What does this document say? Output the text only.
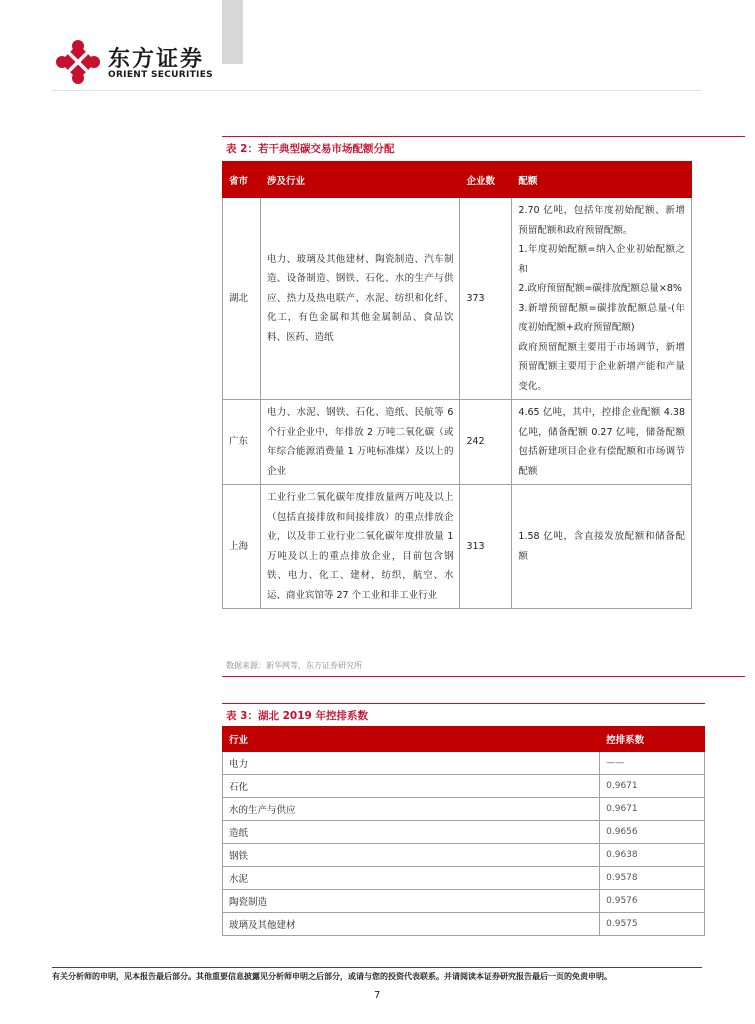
东方证券
ORIENT SECURITIES
表 2：若干典型碳交易市场配额分配
省市	涉及行业	企业数	配额
湖北	电力、玻璃及其他建材、陶瓷制造、汽车制造、设备制造、钢铁、石化、水的生产与供应、热力及热电联产、水泥、纺织和化纤、化工，有色金属和其他金属制品、食品饮料、医药、造纸	373	2.70 亿吨，包括年度初始配额、新增预留配额和政府预留配额。
1.年度初始配额=纳入企业初始配额之和
2.政府预留配额=碳排放配额总量×8%
3.新增预留配额=碳排放配额总量-(年度初始配额+政府预留配额)
政府预留配额主要用于市场调节，新增预留配额主要用于企业新增产能和产量变化。

广东	电力、水泥、钢铁、石化、造纸、民航等 6 个行业企业中，年排放 2 万吨二氧化碳（或年综合能源消费量 1 万吨标准煤）及以上的企业	242	4.65 亿吨，其中，控排企业配额 4.38 亿吨，储备配额 0.27 亿吨，储备配额包括新建项目企业有偿配额和市场调节配额

上海	工业行业二氧化碳年度排放量两万吨及以上（包括直接排放和间接排放）的重点排放企业，以及非工业行业二氧化碳年度排放量 1 万吨及以上的重点排放企业，目前包含钢铁、电力、化工、建材，纺织，航空、水运、商业宾馆等 27 个工业和非工业行业	313	1.58 亿吨，含直接发放配额和储备配额
数据来源：新华网等，东方证券研究所
表 3：湖北 2019 年控排系数
行业	控排系数
电力	——
石化	0.9671
水的生产与供应	0.9671
造纸	0.9656
钢铁	0.9638
水泥	0.9578
陶瓷制造	0.9576
玻璃及其他建材	0.9575
有关分析师的申明，见本报告最后部分。其他重要信息披露见分析师申明之后部分，或请与您的投资代表联系。并请阅读本证券研究报告最后一页的免责申明。
7
